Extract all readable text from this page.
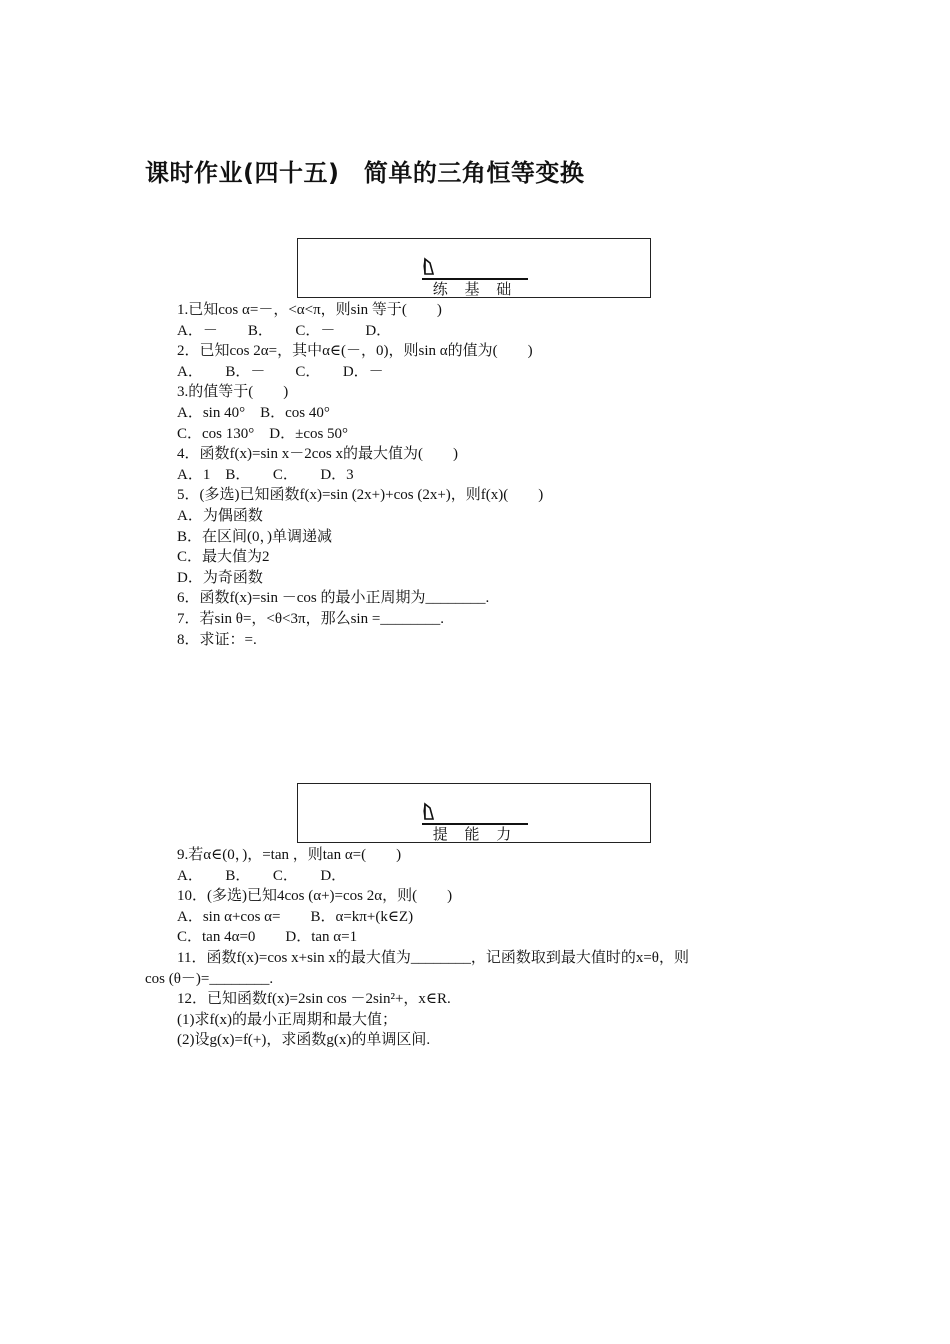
课时作业(四十五)　简单的三角恒等变换
练 基 础
1.已知cos α=－，<α<π，则sin 等于(　　)
A．－　　B．　　C．－　　D．
2．已知cos 2α=，其中α∈(－，0)，则sin α的值为(　　)
A．　　B．－　　C．　　D．－
3.的值等于(　　)
A．sin 40°　B．cos 40°
C．cos 130°　D．±cos 50°
4．函数f(x)=sin x－2cos x的最大值为(　　)
A．1　B．　　C．　　D．3
5．(多选)已知函数f(x)=sin (2x+)+cos (2x+)，则f(x)(　　)
A．为偶函数
B．在区间(0，)单调递减
C．最大值为2
D．为奇函数
6．函数f(x)=sin －cos 的最小正周期为________.
7．若sin θ=，<θ<3π，那么sin =________.
8．求证：=.
提 能 力
9.若α∈(0，)，=tan ，则tan α=(　　)
A．　　B．　　C．　　D．
10．(多选)已知4cos (α+)=cos 2α，则(　　)
A．sin α+cos α=　　B．α=kπ+(k∈Z)
C．tan 4α=0　　D．tan α=1
11．函数f(x)=cos x+sin x的最大值为________，记函数取到最大值时的x=θ，则
cos (θ－)=________.
12．已知函数f(x)=2sin cos －2sin²+，x∈R.
(1)求f(x)的最小正周期和最大值；
(2)设g(x)=f(+)，求函数g(x)的单调区间.
